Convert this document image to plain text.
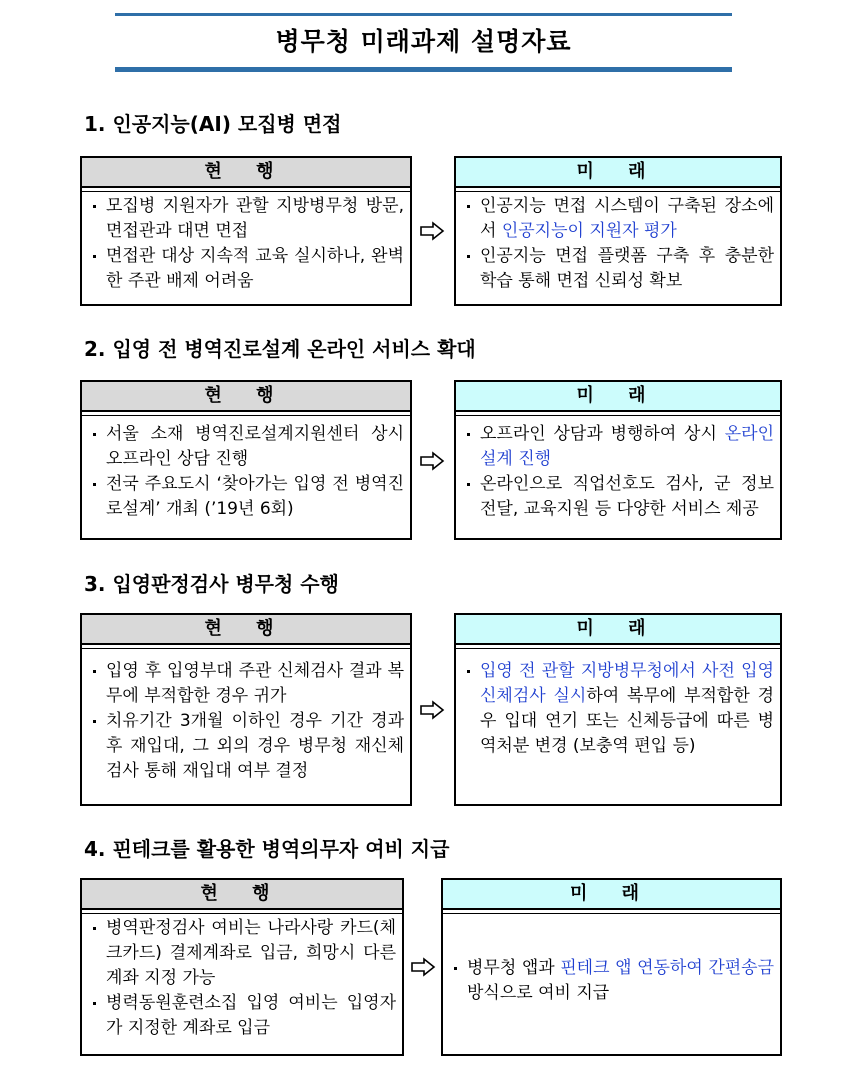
병무청 미래과제 설명자료
1. 인공지능(AI) 모집병 면접
현 행
모집병 지원자가 관할 지방병무청 방문, 면접관과 대면 면접
면접관 대상 지속적 교육 실시하나, 완벽한 주관 배제 어려움
미 래
인공지능 면접 시스템이 구축된 장소에서 인공지능이 지원자 평가
인공지능 면접 플랫폼 구축 후 충분한 학습 통해 면접 신뢰성 확보
2. 입영 전 병역진로설계 온라인 서비스 확대
현 행
서울 소재 병역진로설계지원센터 상시 오프라인 상담 진행
전국 주요도시 ‘찾아가는 입영 전 병역진로설계’ 개최 (’19년 6회)
미 래
오프라인 상담과 병행하여 상시 온라인 설계 진행
온라인으로 직업선호도 검사, 군 정보 전달, 교육지원 등 다양한 서비스 제공
3. 입영판정검사 병무청 수행
현 행
입영 후 입영부대 주관 신체검사 결과 복무에 부적합한 경우 귀가
치유기간 3개월 이하인 경우 기간 경과 후 재입대, 그 외의 경우 병무청 재신체검사 통해 재입대 여부 결정
미 래
입영 전 관할 지방병무청에서 사전 입영신체검사 실시하여 복무에 부적합한 경우 입대 연기 또는 신체등급에 따른 병역처분 변경 (보충역 편입 등)
4. 핀테크를 활용한 병역의무자 여비 지급
현 행
병역판정검사 여비는 나라사랑 카드(체크카드) 결제계좌로 입금, 희망시 다른 계좌 지정 가능
병력동원훈련소집 입영 여비는 입영자가 지정한 계좌로 입금
미 래
병무청 앱과 핀테크 앱 연동하여 간편송금 방식으로 여비 지급
